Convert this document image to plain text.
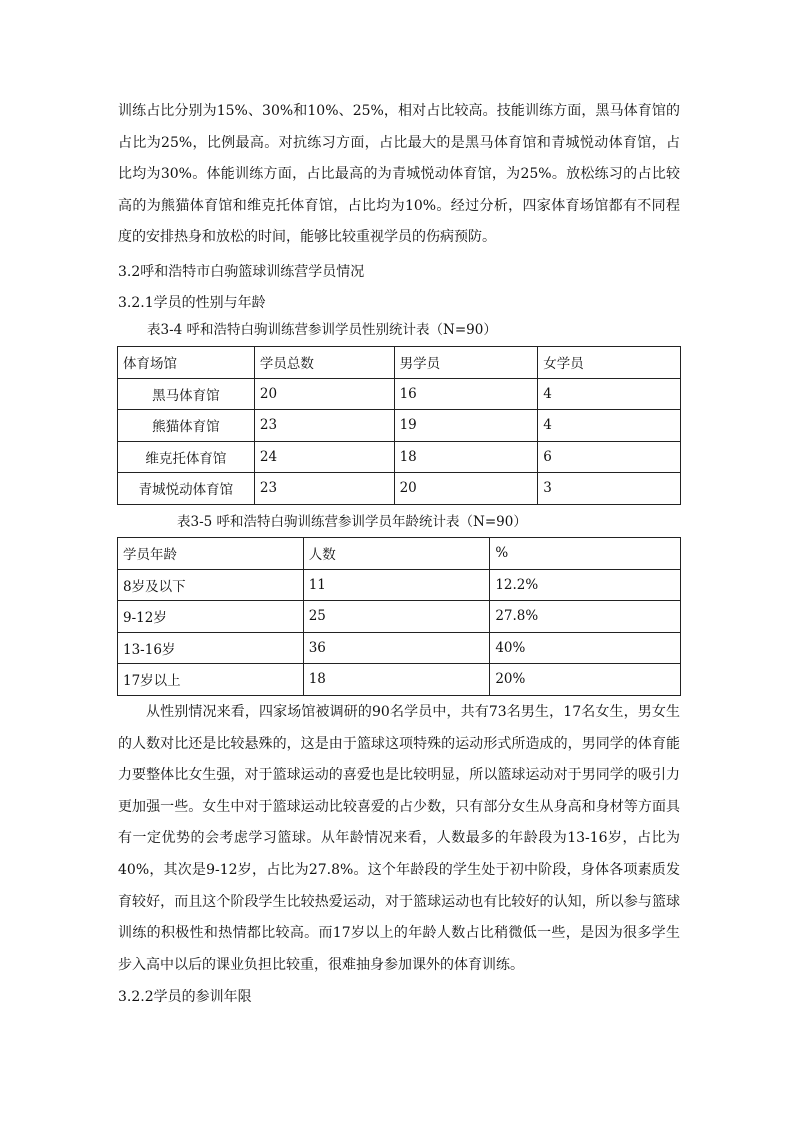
训练占比分别为15%、30%和10%、25%，相对占比较高。技能训练方面，黑马体育馆的占比为25%，比例最高。对抗练习方面，占比最大的是黑马体育馆和青城悦动体育馆，占比均为30%。体能训练方面，占比最高的为青城悦动体育馆，为25%。放松练习的占比较高的为熊猫体育馆和维克托体育馆，占比均为10%。经过分析，四家体育场馆都有不同程度的安排热身和放松的时间，能够比较重视学员的伤病预防。

3.2呼和浩特市白驹篮球训练营学员情况

3.2.1学员的性别与年龄

表3-4 呼和浩特白驹训练营参训学员性别统计表（N=90）

体育场馆	学员总数	男学员	女学员
黑马体育馆	20	16	4
熊猫体育馆	23	19	4
维克托体育馆	24	18	6
青城悦动体育馆	23	20	3

表3-5 呼和浩特白驹训练营参训学员年龄统计表（N=90）

学员年龄	人数	%
8岁及以下	11	12.2%
9-12岁	25	27.8%
13-16岁	36	40%
17岁以上	18	20%

从性别情况来看，四家场馆被调研的90名学员中，共有73名男生，17名女生，男女生的人数对比还是比较悬殊的，这是由于篮球这项特殊的运动形式所造成的，男同学的体育能力要整体比女生强，对于篮球运动的喜爱也是比较明显，所以篮球运动对于男同学的吸引力更加强一些。女生中对于篮球运动比较喜爱的占少数，只有部分女生从身高和身材等方面具有一定优势的会考虑学习篮球。从年龄情况来看，人数最多的年龄段为13-16岁，占比为40%，其次是9-12岁，占比为27.8%。这个年龄段的学生处于初中阶段，身体各项素质发育较好，而且这个阶段学生比较热爱运动，对于篮球运动也有比较好的认知，所以参与篮球训练的积极性和热情都比较高。而17岁以上的年龄人数占比稍微低一些，是因为很多学生步入高中以后的课业负担比较重，很难抽身参加课外的体育训练。

3.2.2学员的参训年限
